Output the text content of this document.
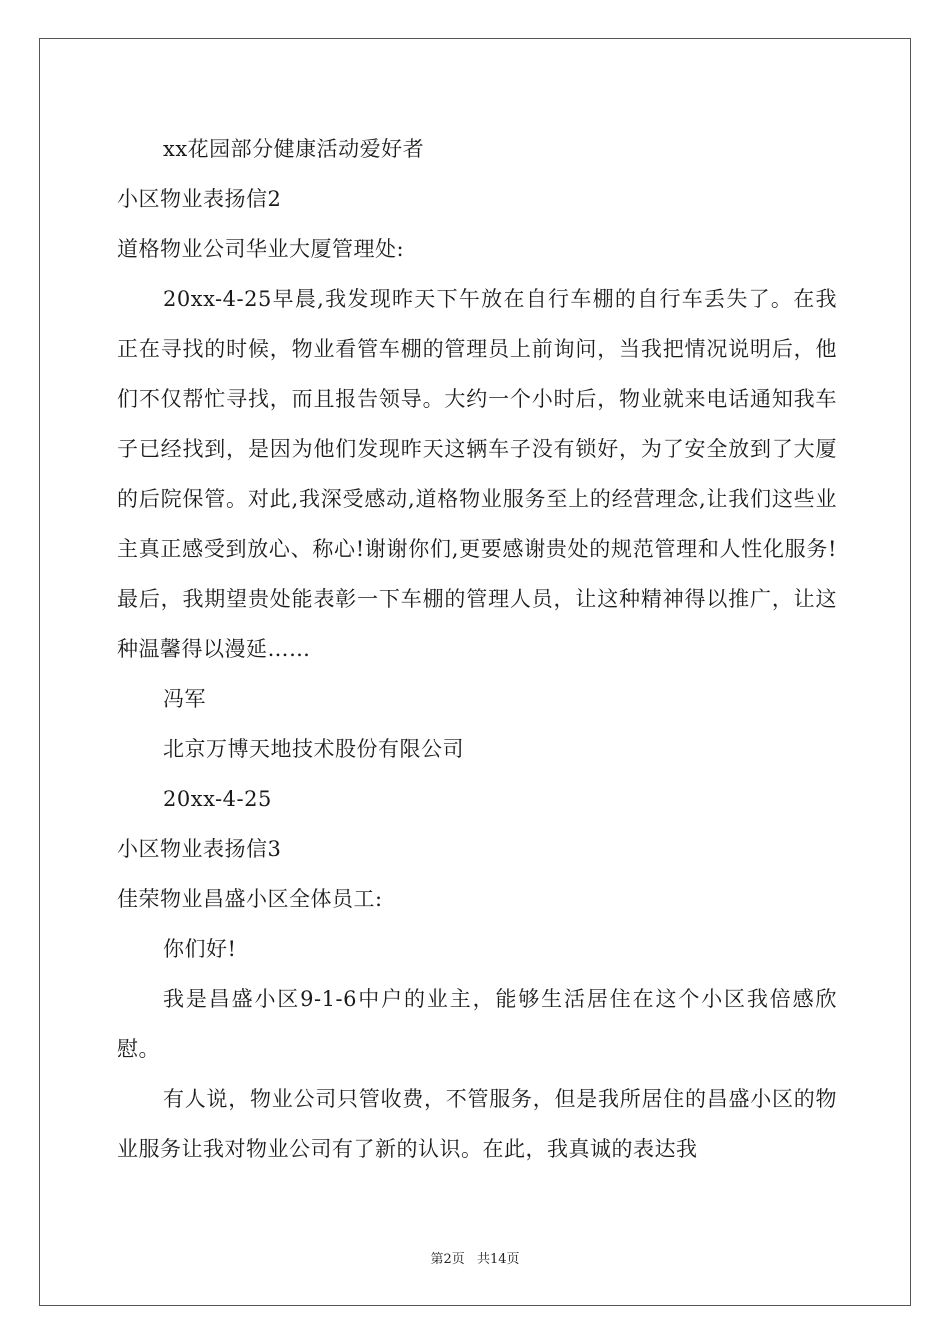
xx花园部分健康活动爱好者
小区物业表扬信2
道格物业公司华业大厦管理处:
20xx-4-25早晨,我发现昨天下午放在自行车棚的自行车丢失了。在我正在寻找的时候，物业看管车棚的管理员上前询问，当我把情况说明后，他们不仅帮忙寻找，而且报告领导。大约一个小时后，物业就来电话通知我车子已经找到，是因为他们发现昨天这辆车子没有锁好，为了安全放到了大厦的后院保管。对此,我深受感动,道格物业服务至上的经营理念,让我们这些业主真正感受到放心、称心!谢谢你们,更要感谢贵处的规范管理和人性化服务!最后，我期望贵处能表彰一下车棚的管理人员，让这种精神得以推广，让这种温馨得以漫延……
冯军
北京万博天地技术股份有限公司
20xx-4-25
小区物业表扬信3
佳荣物业昌盛小区全体员工:
你们好!
我是昌盛小区9-1-6中户的业主，能够生活居住在这个小区我倍感欣慰。
有人说，物业公司只管收费，不管服务，但是我所居住的昌盛小区的物业服务让我对物业公司有了新的认识。在此，我真诚的表达我
第2页 共14页
